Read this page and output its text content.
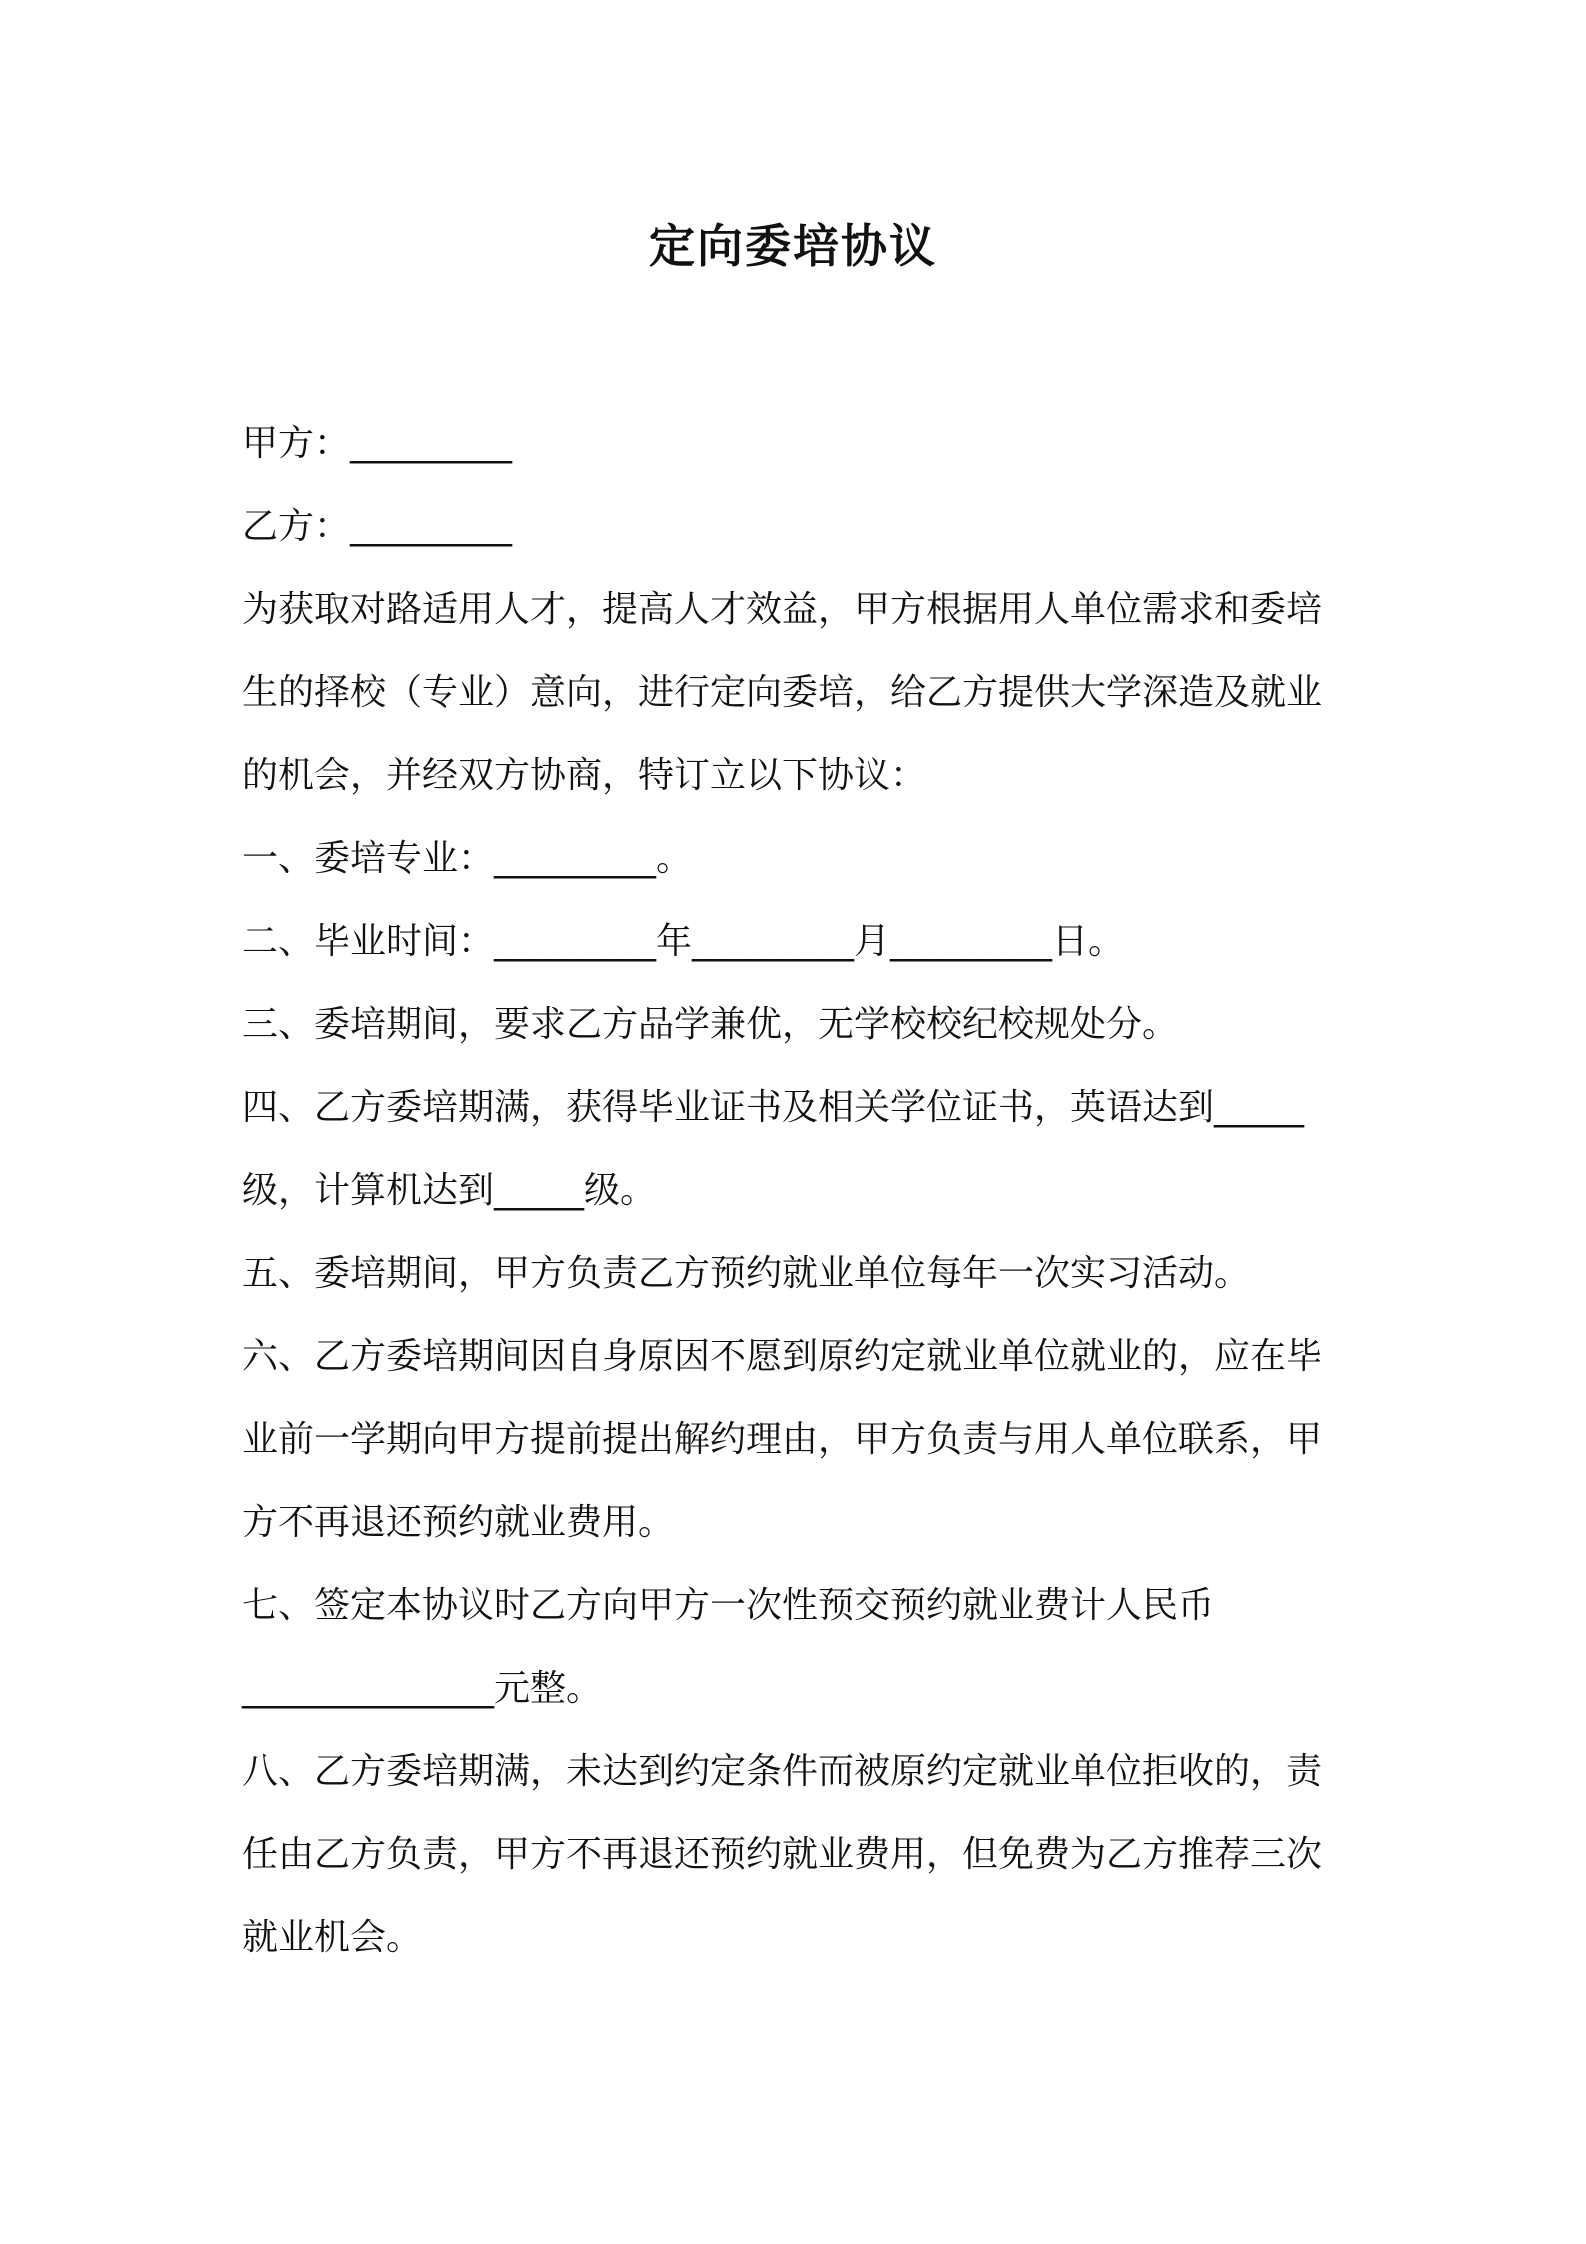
定向委培协议
甲方：_________
乙方：_________
为获取对路适用人才，提高人才效益，甲方根据用人单位需求和委培
生的择校（专业）意向，进行定向委培，给乙方提供大学深造及就业
的机会，并经双方协商，特订立以下协议：
一、委培专业：_________。
二、毕业时间：_________年_________月_________日。
三、委培期间，要求乙方品学兼优，无学校校纪校规处分。
四、乙方委培期满，获得毕业证书及相关学位证书，英语达到_____
级，计算机达到_____级。
五、委培期间，甲方负责乙方预约就业单位每年一次实习活动。
六、乙方委培期间因自身原因不愿到原约定就业单位就业的，应在毕
业前一学期向甲方提前提出解约理由，甲方负责与用人单位联系，甲
方不再退还预约就业费用。
七、签定本协议时乙方向甲方一次性预交预约就业费计人民币
______________元整。
八、乙方委培期满，未达到约定条件而被原约定就业单位拒收的，责
任由乙方负责，甲方不再退还预约就业费用，但免费为乙方推荐三次
就业机会。
